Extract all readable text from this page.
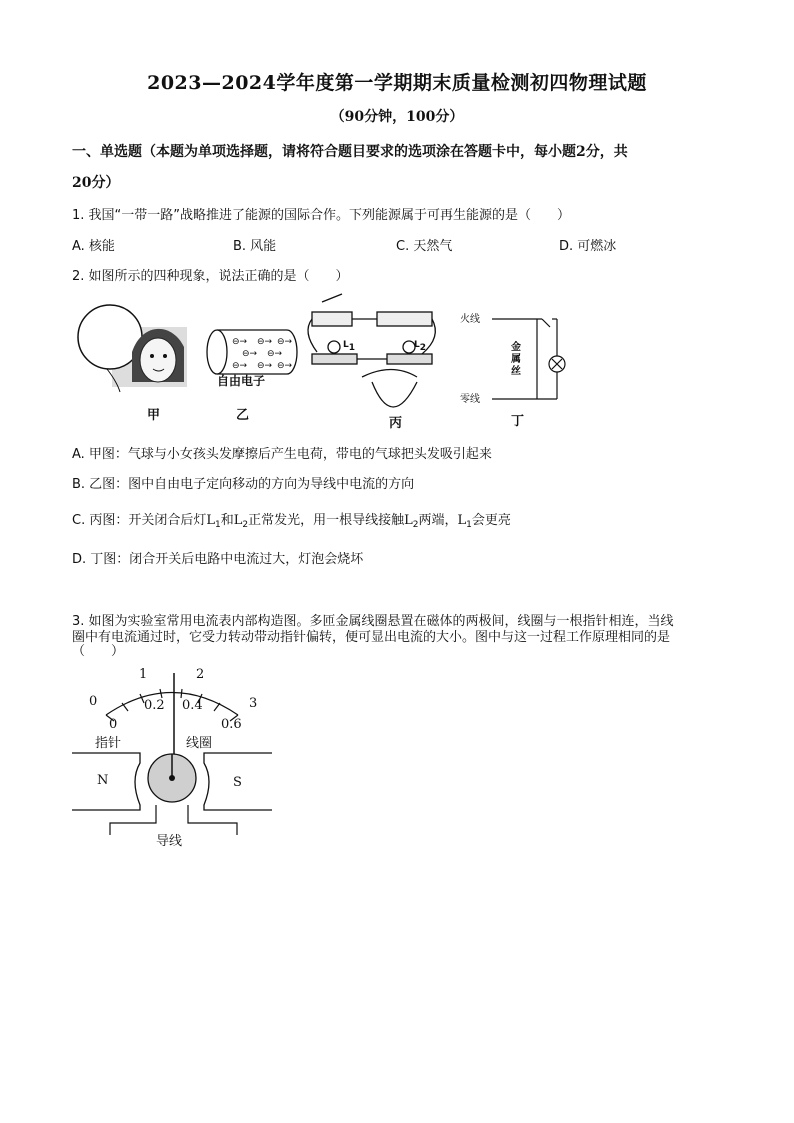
2023—2024学年度第一学期期末质量检测初四物理试题
（90分钟，100分）
一、单选题（本题为单项选择题，请将符合题目要求的选项涂在答题卡中，每小题2分，共
20分）
1. 我国“一带一路”战略推进了能源的国际合作。下列能源属于可再生能源的是（　　）
A. 核能	B. 风能	C. 天然气	D. 可燃冰
2. 如图所示的四种现象，说法正确的是（　　）
⊖→ ⊖→ ⊖→
⊖→ ⊖→
⊖→ ⊖→ ⊖→
自由电子
火线
零线
金
属
丝
L1	L2
甲	乙
丙	丁
A. 甲图：气球与小女孩头发摩擦后产生电荷，带电的气球把头发吸引起来
B. 乙图：图中自由电子定向移动的方向为导线中电流的方向
C. 丙图：开关闭合后灯$L_1$和$L_2$正常发光，用一根导线接触$L_2$两端，$L_1$会更亮
D. 丁图：闭合开关后电路中电流过大，灯泡会烧坏
3. 如图为实验室常用电流表内部构造图。多匝金属线圈悬置在磁体的两极间，线圈与一根指针相连，当线
（　　）
1	2
0	3
0
0.2 0.4
0.6
指针	线圈
N	S
导线
圈中有电流通过时，它受力转动带动指针偏转，便可显出电流的大小。图中与这一过程工作原理相同的是
